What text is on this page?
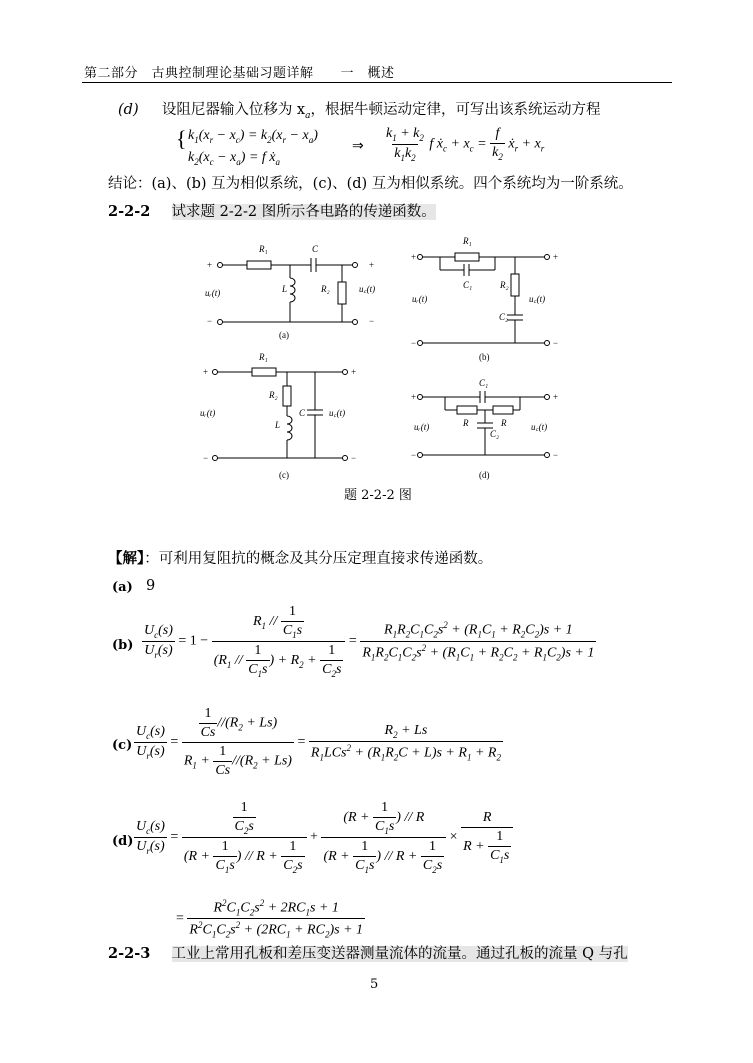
第二部分　古典控制理论基础习题详解　　一　概述
(d) 设阻尼器输入位移为 $x_a$，根据牛顿运动定律，可写出该系统运动方程
{ $k_1(x_r - x_c) = k_2(x_r - x_a)$
$k_2(x_c - x_a) = f$ ẋ$_a$
⇒ $\frac{k_1 + k_2}{k_1k_2}$ f ẋ$_c$ + $x_c = \frac{f}{k_2}$ ẋ$_r$ + $x_r$
结论：(a)、(b) 互为相似系统，(c)、(d) 互为相似系统。四个系统均为一阶系统。
2-2-2 试求题 2-2-2 图所示各电路的传递函数。
R₁	C
+	+
−	−
uᵣ(t)	L	R₂	u꜀(t)
(a)
R₁
C₁
+	+
−	−
uᵣ(t)
R₂
u꜀(t)
C₂
(b)
R₁
+	+
−	−
uᵣ(t)
R₂
L
C	u꜀(t)
(c)
C₁
+	+
−	−
uᵣ(t)	R	R
C₂
u꜀(t)
(d)
题 2-2-2 图
【解】：可利用复阻抗的概念及其分压定理直接求传递函数。
(a) 9
$(b) \frac{U_c(s)}{U_r(s)} = 1 - \frac{R_1 // \frac{1}{C_1s}}{(R_1 // \frac{1}{C_1s} ) + R_2 + \frac{1}{C_2s}} = \frac{R_1R_2C_1C_2s^2 + (R_1C_1 + R_2C_2)s + 1}{R_1R_2C_1C_2s^2 + (R_1C_1 + R_2C_2 + R_1C_2)s + 1}$
$(c) \frac{U_c(s)}{U_r(s)} = \frac{\frac{1}{Cs} //(R_2 + Ls)}{R_1 + \frac{1}{Cs} //(R_2 + Ls)}$ =
$R_2 + Ls$
$R_1LCs^2 + (R_1R_2C + L)s + R_1 + R_2$
$(d) \frac{U_c(s)}{U_r(s)} = \frac{\frac{1}{C_2s}}{(R + \frac{1}{C_1s} ) // R + \frac{1}{C_2s}} + \frac{(R + \frac{1}{C_1s} ) // R}{(R + \frac{1}{C_1s} ) // R + \frac{1}{C_2s}} \times \frac{R}{R + \frac{1}{C_1s}}$
= $\frac{R^2C_1C_2s^2 + 2RC_1s + 1}{R^2C_1C_2s^2 + (2RC_1 + RC_2)s + 1}$
2-2-3 工业上常用孔板和差压变送器测量流体的流量。通过孔板的流量 Q 与孔
5
